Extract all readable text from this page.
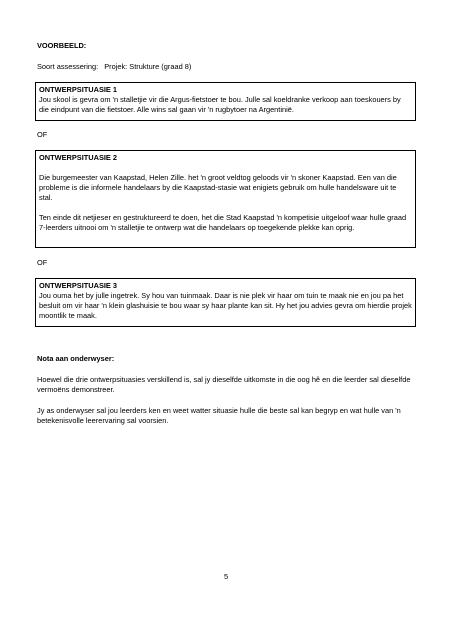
VOORBEELD:
Soort assessering: Projek: Strukture (graad 8)

ONTWERPSITUASIE 1

Jou skool is gevra om 'n stalletjie vir die Argus-fietstoer te bou. Julle sal koeldranke verkoop aan toeskouers by die eindpunt van die fietstoer. Alle wins sal gaan vir 'n rugbytoer na Argentinië.

OF

ONTWERPSITUASIE 2

Die burgemeester van Kaapstad, Helen Zille. het 'n groot veldtog geloods vir 'n skoner Kaapstad. Een van die probleme is die informele handelaars by die Kaapstad-stasie wat enigiets gebruik om hulle handelsware uit te stal.

Ten einde dit netjieser en gestruktureerd te doen, het die Stad Kaapstad 'n kompetisie uitgeloof waar hulle graad 7-leerders uitnooi om 'n stalletjie te ontwerp wat die handelaars op toegekende plekke kan oprig.

OF

ONTWERPSITUASIE 3

Jou ouma het by julle ingetrek. Sy hou van tuinmaak. Daar is nie plek vir haar om tuin te maak nie en jou pa het besluit om vir haar 'n klein glashuisie te bou waar sy haar plante kan sit. Hy het jou advies gevra om hierdie projek moontlik te maak.

Nota aan onderwyser:

Hoewel die drie ontwerpsituasies verskillend is, sal jy dieselfde uitkomste in die oog hê en die leerder sal dieselfde vermoëns demonstreer.

Jy as onderwyser sal jou leerders ken en weet watter situasie hulle die beste sal kan begryp en wat hulle van 'n betekenisvolle leerervaring sal voorsien.

5
